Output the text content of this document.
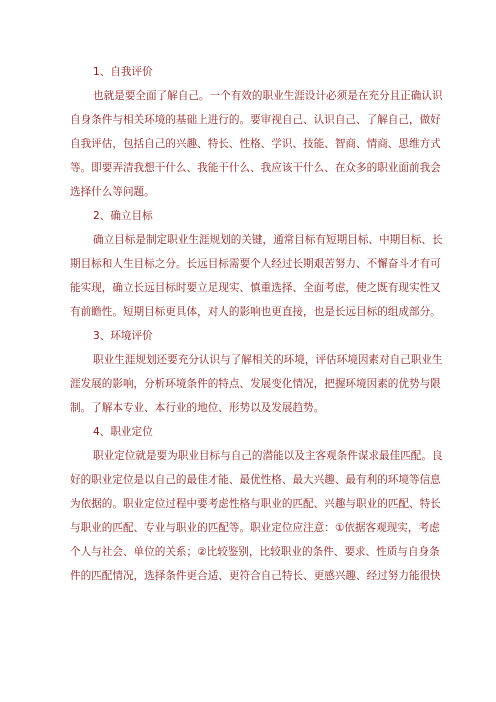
1、自我评价
也就是要全面了解自己。一个有效的职业生涯设计必须是在充分且正确认识
自身条件与相关环境的基础上进行的。要审视自己、认识自己、了解自己，做好
自我评估，包括自己的兴趣、特长、性格、学识、技能、智商、情商、思维方式
等。即要弄清我想干什么、我能干什么、我应该干什么、在众多的职业面前我会
选择什么等问题。
2、确立目标
确立目标是制定职业生涯规划的关键，通常目标有短期目标、中期目标、长
期目标和人生目标之分。长远目标需要个人经过长期艰苦努力、不懈奋斗才有可
能实现，确立长远目标时要立足现实、慎重选择、全面考虑，使之既有现实性又
有前瞻性。短期目标更具体，对人的影响也更直接，也是长远目标的组成部分。
3、环境评价
职业生涯规划还要充分认识与了解相关的环境，评估环境因素对自己职业生
涯发展的影响，分析环境条件的特点、发展变化情况，把握环境因素的优势与限
制。了解本专业、本行业的地位、形势以及发展趋势。
4、职业定位
职业定位就是要为职业目标与自己的潜能以及主客观条件谋求最佳匹配。良
好的职业定位是以自己的最佳才能、最优性格、最大兴趣、最有利的环境等信息
为依据的。职业定位过程中要考虑性格与职业的匹配、兴趣与职业的匹配、特长
与职业的匹配、专业与职业的匹配等。职业定位应注意：①依据客观现实，考虑
个人与社会、单位的关系；②比较鉴别，比较职业的条件、要求、性质与自身条
件的匹配情况，选择条件更合适、更符合自己特长、更感兴趣、经过努力能很快
